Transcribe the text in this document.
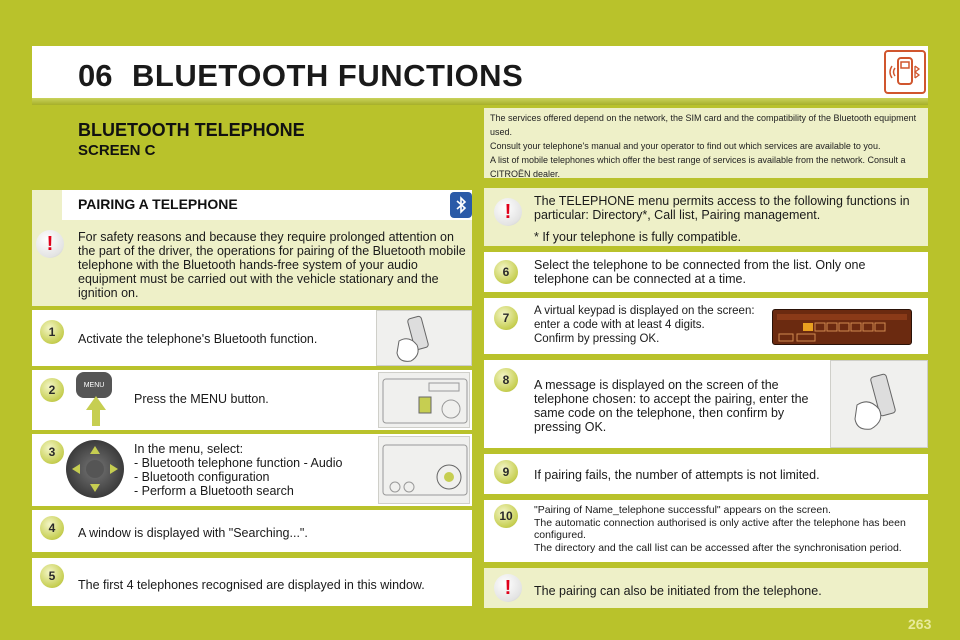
06 BLUETOOTH FUNCTIONS
BLUETOOTH TELEPHONE
SCREEN C
The services offered depend on the network, the SIM card and the compatibility of the Bluetooth equipment used.
Consult your telephone's manual and your operator to find out which services are available to you.
A list of mobile telephones which offer the best range of services is available from the network. Consult a CITROËN dealer.
PAIRING A TELEPHONE
!	For safety reasons and because they require prolonged attention on the part of the driver, the operations for pairing of the Bluetooth mobile telephone with the Bluetooth hands-free system of your audio equipment must be carried out with the vehicle stationary and the ignition on.
1	Activate the telephone's Bluetooth function.
2	MENU
Press the MENU button.
3	In the menu, select:
- Bluetooth telephone function - Audio
- Bluetooth configuration
- Perform a Bluetooth search
4	A window is displayed with "Searching...".
5
The first 4 telephones recognised are displayed in this window.
!	The TELEPHONE menu permits access to the following functions in particular: Directory*, Call list, Pairing management.
* If your telephone is fully compatible.
6	Select the telephone to be connected from the list. Only one telephone can be connected at a time.
7	A virtual keypad is displayed on the screen:
enter a code with at least 4 digits.
Confirm by pressing OK.
8	A message is displayed on the screen of the telephone chosen: to accept the pairing, enter the same code on the telephone, then confirm by pressing OK.
9	If pairing fails, the number of attempts is not limited.
10	"Pairing of Name_telephone successful" appears on the screen.
The automatic connection authorised is only active after the telephone has been configured.
The directory and the call list can be accessed after the synchronisation period.
!	The pairing can also be initiated from the telephone.
263
